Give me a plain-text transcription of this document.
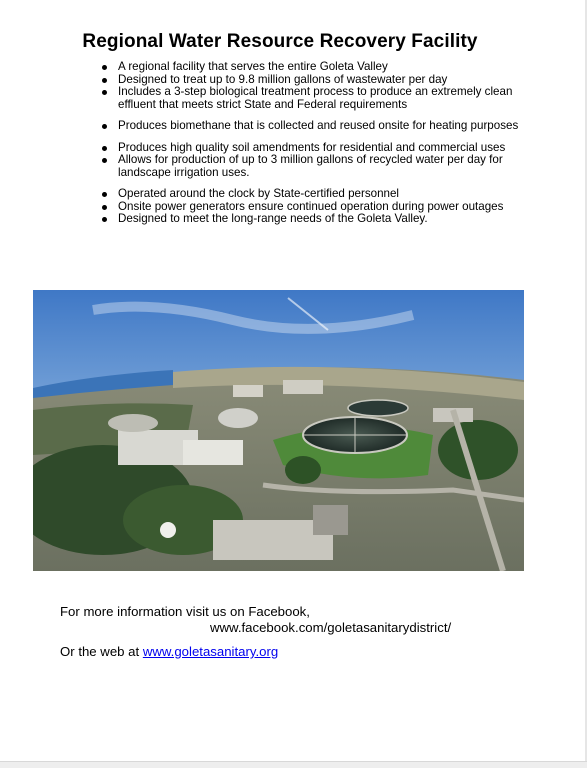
Regional Water Resource Recovery Facility
A regional facility that serves the entire Goleta Valley
Designed to treat up to 9.8 million gallons of wastewater per day
Includes a 3-step biological treatment process to produce an extremely clean effluent that meets strict State and Federal requirements
Produces biomethane that is collected and reused onsite for heating purposes
Produces high quality soil amendments for residential and commercial uses
Allows for production of up to 3 million gallons of recycled water per day for landscape irrigation uses.
Operated around the clock by State-certified personnel
Onsite power generators ensure continued operation during power outages
Designed to meet the long-range needs of the Goleta Valley.
For more information visit us on Facebook,
www.facebook.com/goletasanitarydistrict/
Or the web at www.goletasanitary.org
